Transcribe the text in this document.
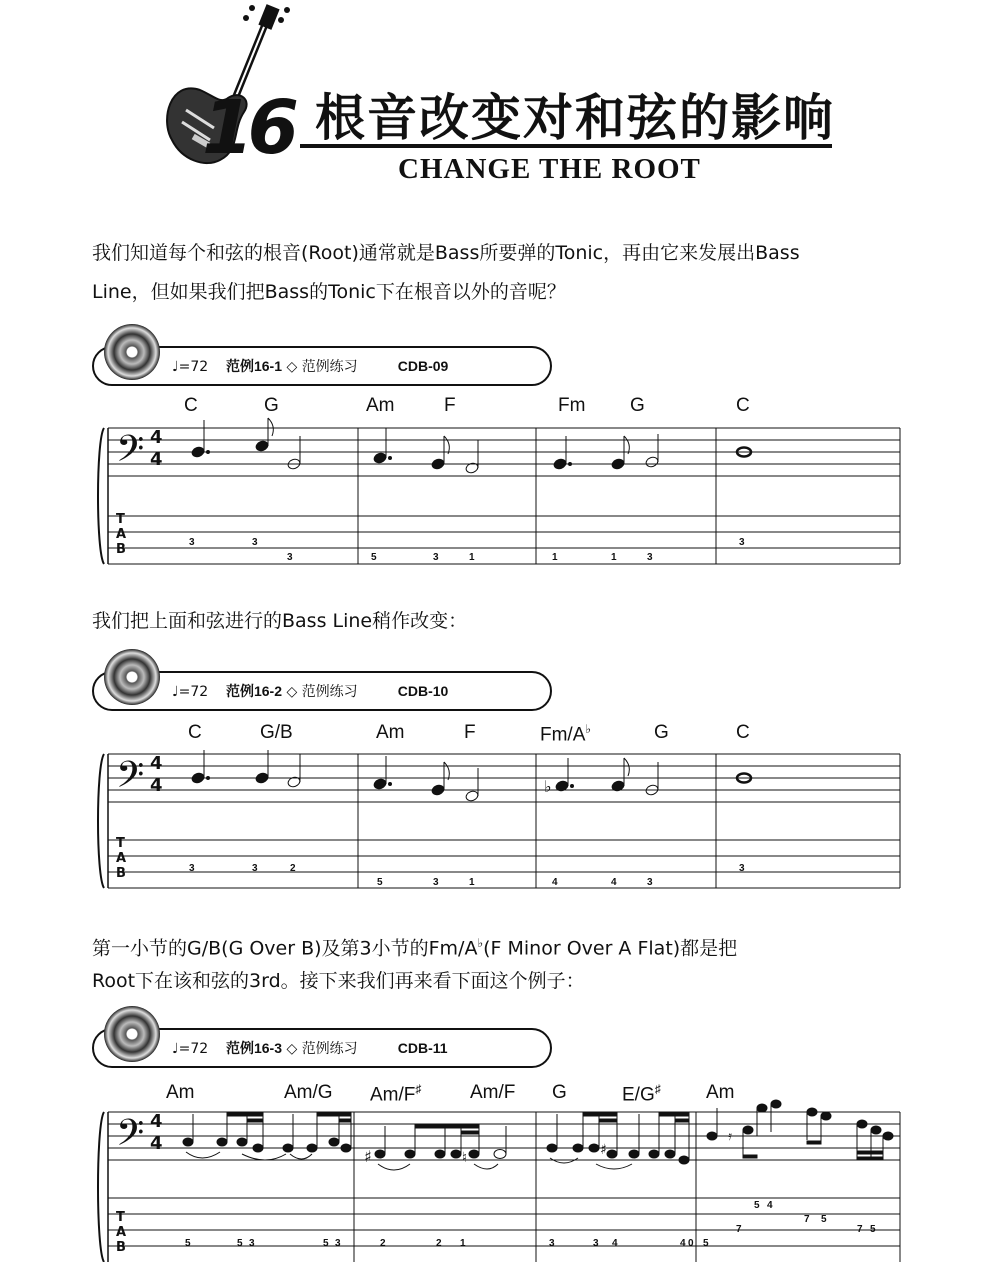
♭
♯	♮	♯
𝄿
𝄢
𝄢
𝄢
16 根音改变对和弦的影响
CHANGE THE ROOT
我们知道每个和弦的根音(Root)通常就是Bass所要弹的Tonic，再由它来发展出Bass
Line，但如果我们把Bass的Tonic下在根音以外的音呢？
♩=72 范例16-1 ◇ 范例练习	CDB-09
C	G	Am	F	Fm G	C
4
4
T
A
B	3	3
3	5	3	1	1	1	3
3
我们把上面和弦进行的Bass Line稍作改变：
♩=72 范例16-2 ◇ 范例练习	CDB-10
C	G/B	Am	F	Fm/A♭	G	C
4
4
T
A
B	3	3	2
5	3	1	4	4	3
3
第一小节的G/B(G Over B)及第3小节的Fm/A♭(F Minor Over A Flat)都是把
Root下在该和弦的3rd。接下来我们再来看下面这个例子：
♩=72 范例16-3 ◇ 范例练习	CDB-11
Am	Am/G Am/F♯	Am/F G	E/G♯ Am
4
4
T
A
B	5	5 3	5 3	2	2 1	3	3 4	4 0 5
7
5 4
7 5
7 5
